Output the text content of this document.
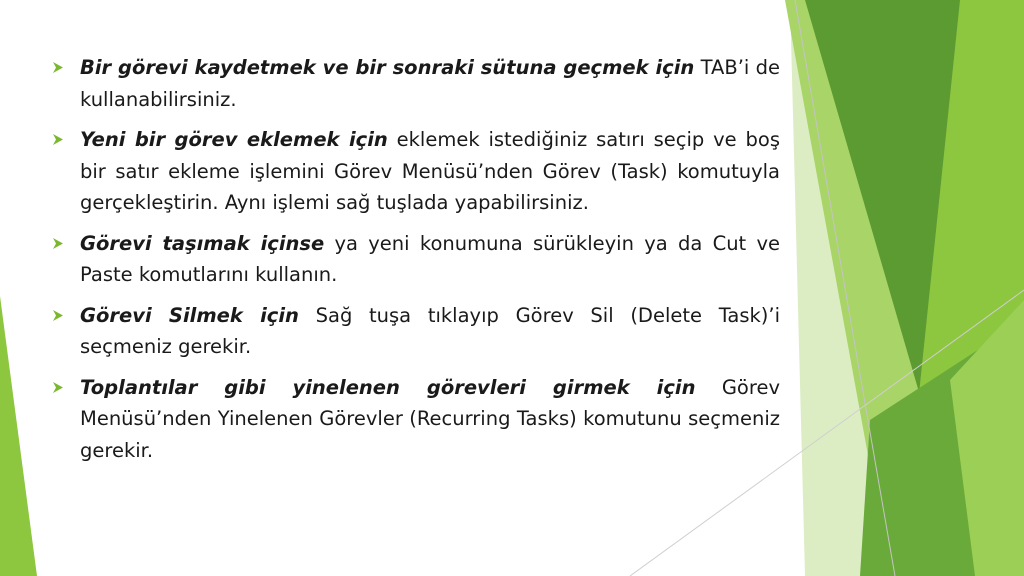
Bir görevi kaydetmek ve bir sonraki sütuna geçmek için TAB’i de kullanabilirsiniz.
Yeni bir görev eklemek için eklemek istediğiniz satırı seçip ve boş bir satır ekleme işlemini Görev Menüsü’nden Görev (Task) komutuyla gerçekleştirin. Aynı işlemi sağ tuşlada yapabilirsiniz.
Görevi taşımak içinse ya yeni konumuna sürükleyin ya da Cut ve Paste komutlarını kullanın.
Görevi Silmek için Sağ tuşa tıklayıp Görev Sil (Delete Task)’i seçmeniz gerekir.
Toplantılar gibi yinelenen görevleri girmek için Görev Menüsü’nden Yinelenen Görevler (Recurring Tasks) komutunu seçmeniz gerekir.
